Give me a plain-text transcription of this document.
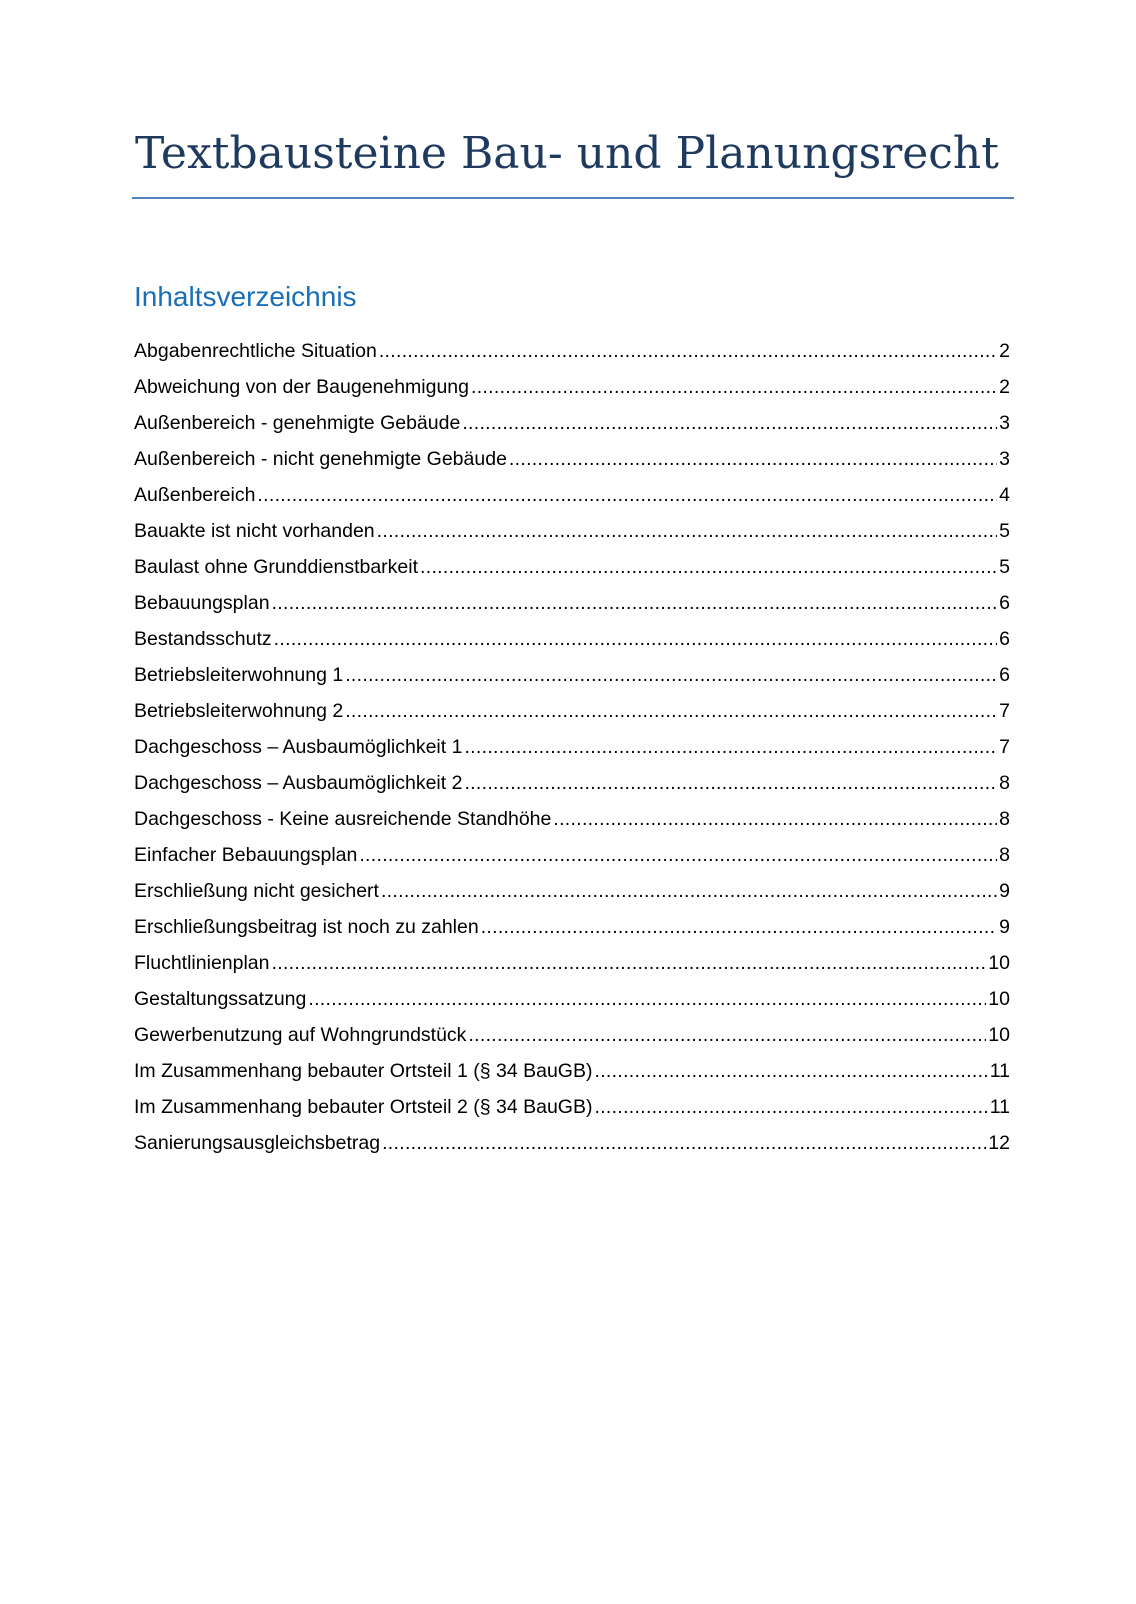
Textbausteine Bau- und Planungsrecht
Inhaltsverzeichnis
Abgabenrechtliche Situation .....	2
Abweichung von der Baugenehmigung .....	2
Außenbereich - genehmigte Gebäude .....	3
Außenbereich - nicht genehmigte Gebäude .....	3
Außenbereich .....	4
Bauakte ist nicht vorhanden .....	5
Baulast ohne Grunddienstbarkeit .....	5
Bebauungsplan .....	6
Bestandsschutz .....	6
Betriebsleiterwohnung 1 .....	6
Betriebsleiterwohnung 2 .....	7
Dachgeschoss – Ausbaumöglichkeit 1 .....	7
Dachgeschoss – Ausbaumöglichkeit 2 .....	8
Dachgeschoss - Keine ausreichende Standhöhe .....	8
Einfacher Bebauungsplan .....	8
Erschließung nicht gesichert .....	9
Erschließungsbeitrag ist noch zu zahlen .....	9
Fluchtlinienplan .....	10
Gestaltungssatzung .....	10
Gewerbenutzung auf Wohngrundstück .....	10
Im Zusammenhang bebauter Ortsteil 1 (§ 34 BauGB) .....	11
Im Zusammenhang bebauter Ortsteil 2 (§ 34 BauGB) .....	11
Sanierungsausgleichsbetrag .....	12
